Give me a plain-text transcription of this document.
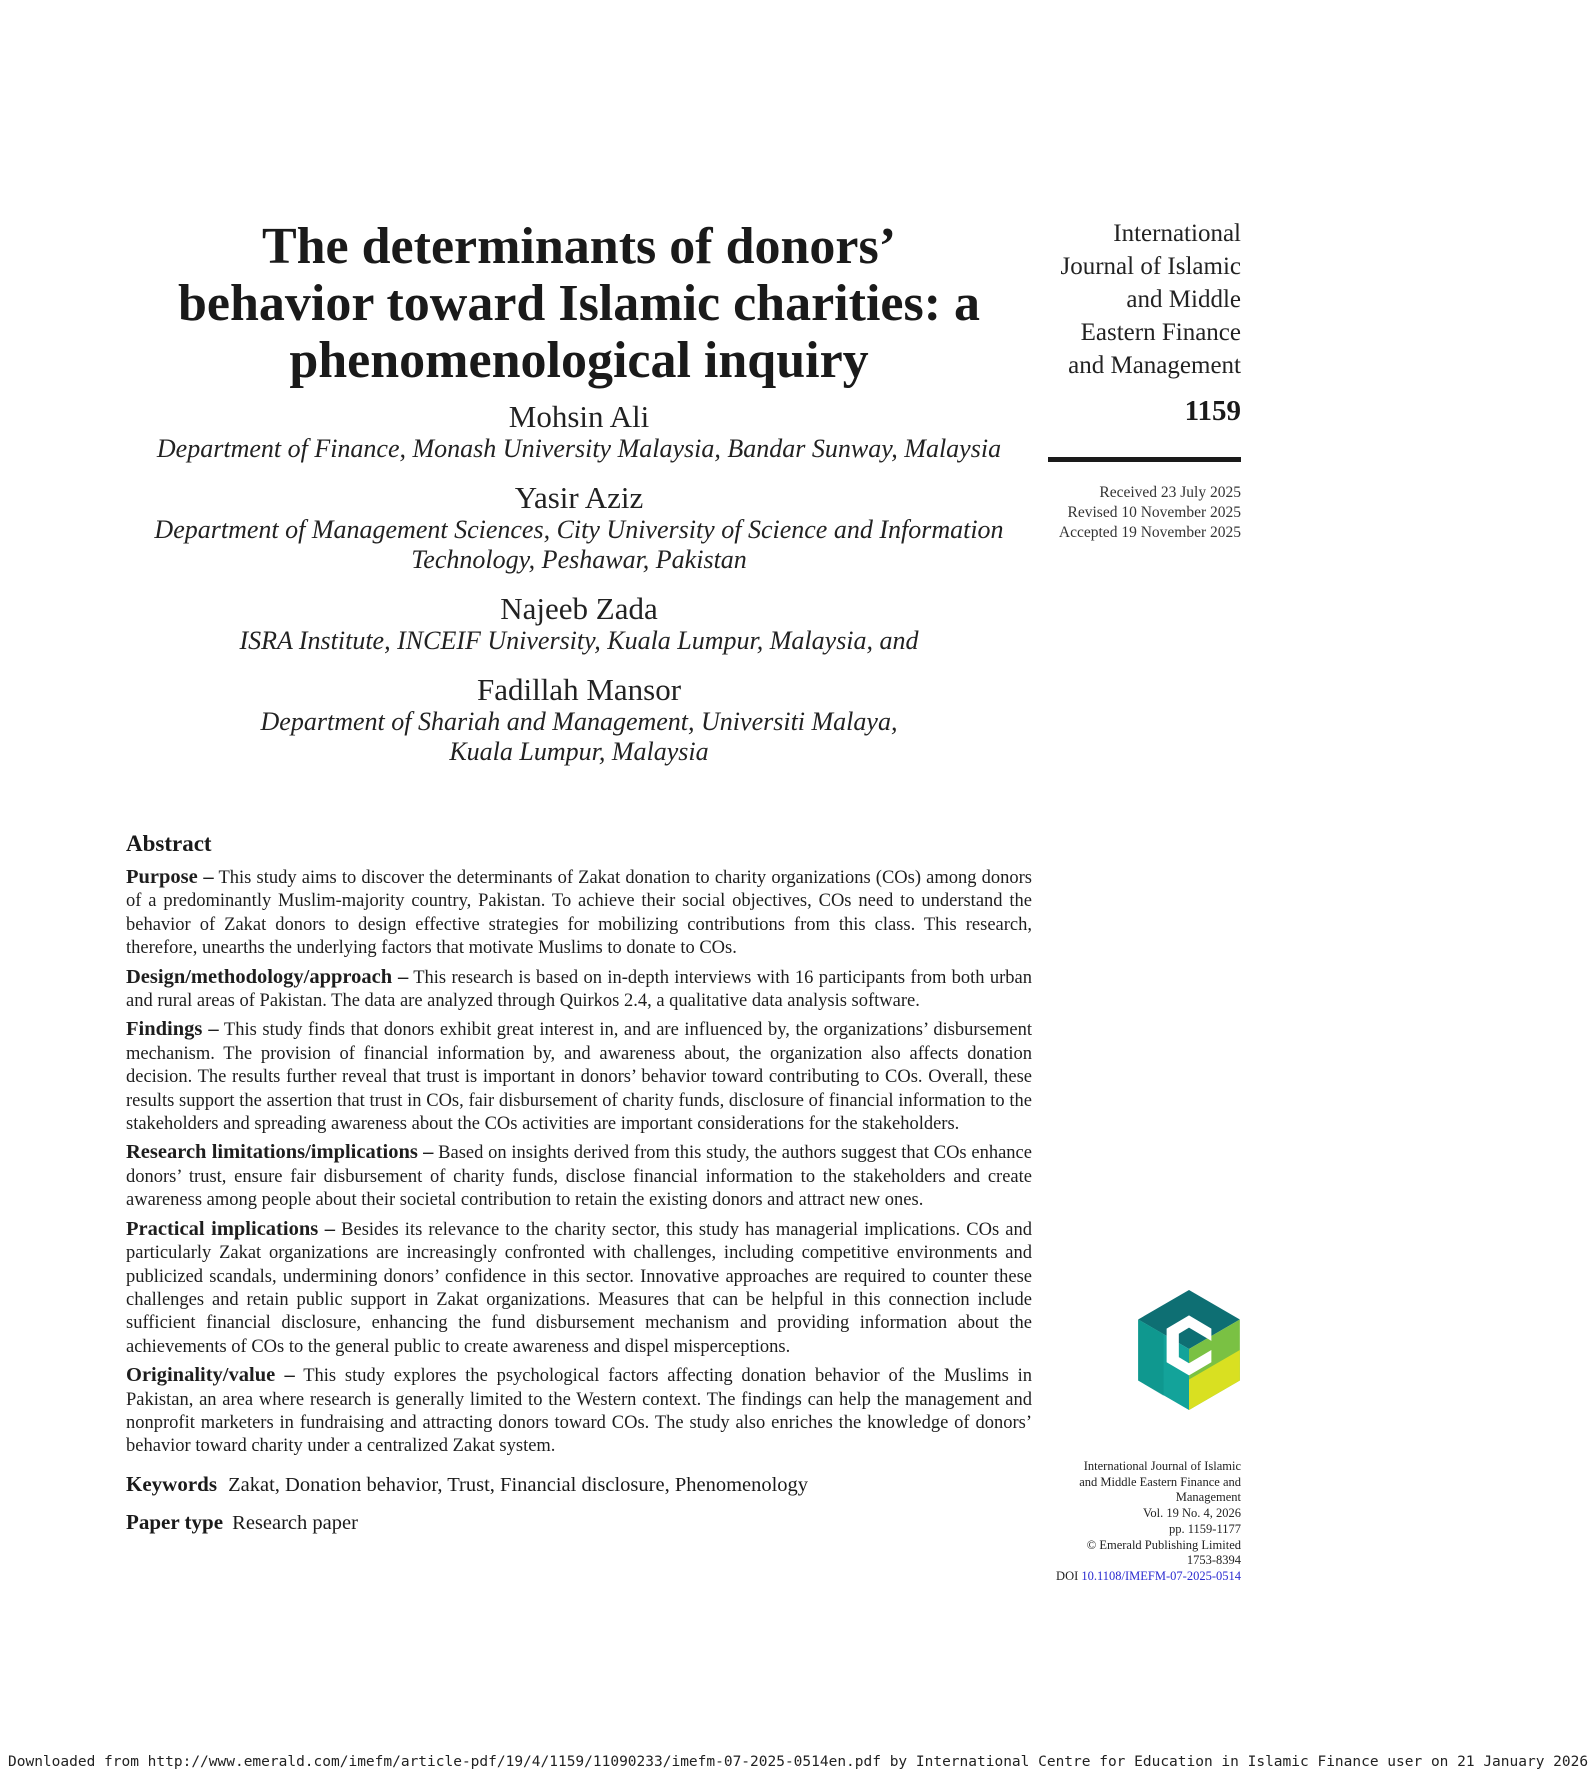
The determinants of donors’
behavior toward Islamic charities: a
phenomenological inquiry
Mohsin Ali
Department of Finance, Monash University Malaysia, Bandar Sunway, Malaysia
Yasir Aziz
Department of Management Sciences, City University of Science and Information
Technology, Peshawar, Pakistan
Najeeb Zada
ISRA Institute, INCEIF University, Kuala Lumpur, Malaysia, and
Fadillah Mansor
Department of Shariah and Management, Universiti Malaya,
Kuala Lumpur, Malaysia
International
Journal of Islamic
and Middle
Eastern Finance
and Management
1159
Received 23 July 2025
Revised 10 November 2025
Accepted 19 November 2025
Abstract
Purpose – This study aims to discover the determinants of Zakat donation to charity organizations (COs) among donors of a predominantly Muslim-majority country, Pakistan. To achieve their social objectives, COs need to understand the behavior of Zakat donors to design effective strategies for mobilizing contributions from this class. This research, therefore, unearths the underlying factors that motivate Muslims to donate to COs.
Design/methodology/approach – This research is based on in-depth interviews with 16 participants from both urban and rural areas of Pakistan. The data are analyzed through Quirkos 2.4, a qualitative data analysis software.
Findings – This study finds that donors exhibit great interest in, and are influenced by, the organizations’ disbursement mechanism. The provision of financial information by, and awareness about, the organization also affects donation decision. The results further reveal that trust is important in donors’ behavior toward contributing to COs. Overall, these results support the assertion that trust in COs, fair disbursement of charity funds, disclosure of financial information to the stakeholders and spreading awareness about the COs activities are important considerations for the stakeholders.
Research limitations/implications – Based on insights derived from this study, the authors suggest that COs enhance donors’ trust, ensure fair disbursement of charity funds, disclose financial information to the stakeholders and create awareness among people about their societal contribution to retain the existing donors and attract new ones.
Practical implications – Besides its relevance to the charity sector, this study has managerial implications. COs and particularly Zakat organizations are increasingly confronted with challenges, including competitive environments and publicized scandals, undermining donors’ confidence in this sector. Innovative approaches are required to counter these challenges and retain public support in Zakat organizations. Measures that can be helpful in this connection include sufficient financial disclosure, enhancing the fund disbursement mechanism and providing information about the achievements of COs to the general public to create awareness and dispel misperceptions.
Originality/value – This study explores the psychological factors affecting donation behavior of the Muslims in Pakistan, an area where research is generally limited to the Western context. The findings can help the management and nonprofit marketers in fundraising and attracting donors toward COs. The study also enriches the knowledge of donors’ behavior toward charity under a centralized Zakat system.
Keywords Zakat, Donation behavior, Trust, Financial disclosure, Phenomenology
Paper type Research paper
International Journal of Islamic
and Middle Eastern Finance and
Management
Vol. 19 No. 4, 2026
pp. 1159-1177
© Emerald Publishing Limited
1753-8394
DOI 10.1108/IMEFM-07-2025-0514
Downloaded from http://www.emerald.com/imefm/article-pdf/19/4/1159/11090233/imefm-07-2025-0514en.pdf by International Centre for Education in Islamic Finance user on 21 January 2026
